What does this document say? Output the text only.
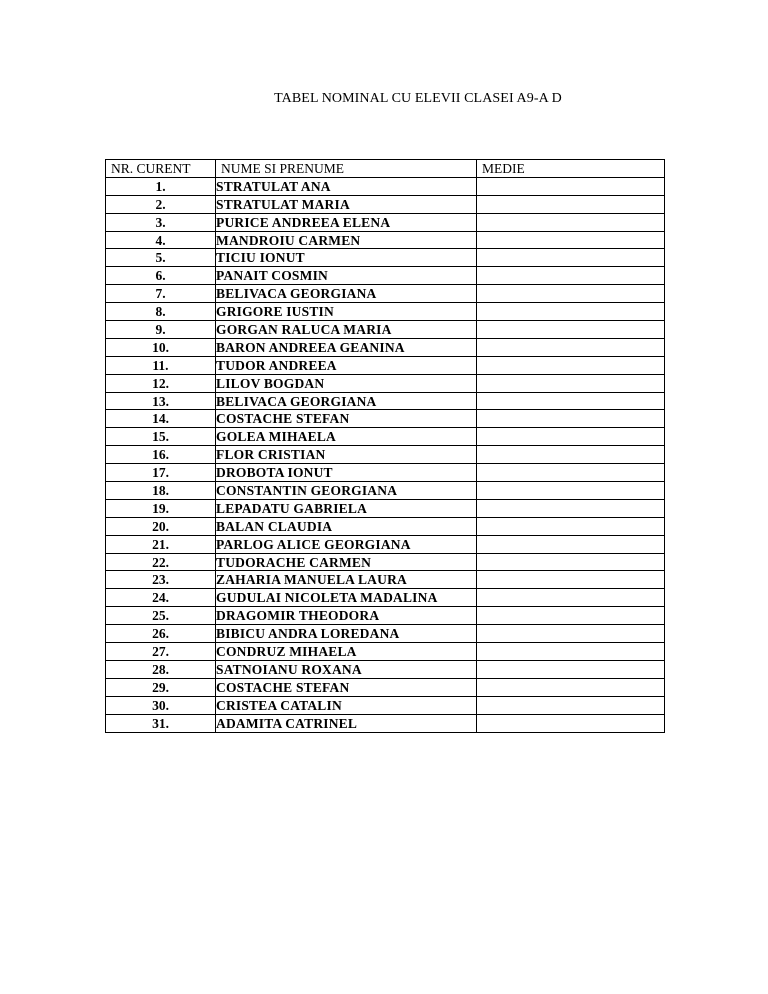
TABEL NOMINAL CU ELEVII CLASEI A9-A D
NR. CURENT	NUME SI PRENUME	MEDIE
1.	STRATULAT ANA	
2.	STRATULAT MARIA	
3.	PURICE ANDREEA ELENA	
4.	MANDROIU CARMEN	
5.	TICIU IONUT	
6.	PANAIT COSMIN	
7.	BELIVACA GEORGIANA	
8.	GRIGORE IUSTIN	
9.	GORGAN RALUCA MARIA	
10.	BARON ANDREEA GEANINA	
11.	TUDOR ANDREEA	
12.	LILOV BOGDAN	
13.	BELIVACA GEORGIANA	
14.	COSTACHE STEFAN	
15.	GOLEA MIHAELA	
16.	FLOR CRISTIAN	
17.	DROBOTA IONUT	
18.	CONSTANTIN GEORGIANA	
19.	LEPADATU GABRIELA	
20.	BALAN CLAUDIA	
21.	PARLOG ALICE GEORGIANA	
22.	TUDORACHE CARMEN	
23.	ZAHARIA MANUELA LAURA	
24.	GUDULAI NICOLETA MADALINA	
25.	DRAGOMIR THEODORA	
26.	BIBICU ANDRA LOREDANA	
27.	CONDRUZ MIHAELA	
28.	SATNOIANU ROXANA	
29.	COSTACHE STEFAN	
30.	CRISTEA CATALIN	
31.	ADAMITA CATRINEL	
